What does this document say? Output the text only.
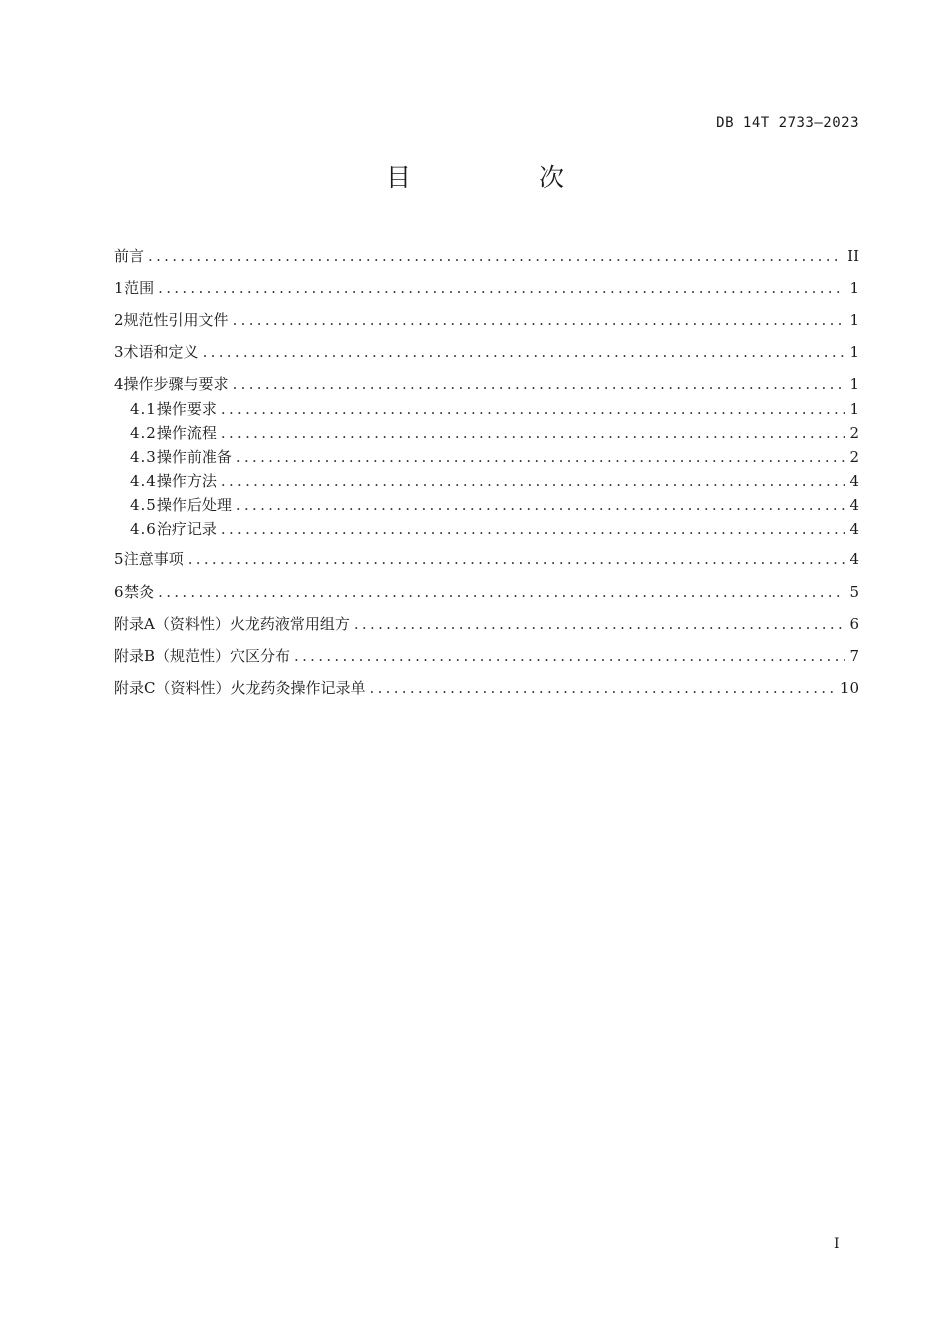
DB 14T 2733—2023
目 次
前言 .....	II
1 范围 .....	1
2 规范性引用文件 .....	1
3 术语和定义 .....	1
4 操作步骤与要求 .....	1
4.1 操作要求 .....	1
4.2 操作流程 .....	2
4.3 操作前准备 .....	2
4.4 操作方法 .....	4
4.5 操作后处理 .....	4
4.6 治疗记录 .....	4
5 注意事项 .....	4
6 禁灸 .....	5
附录A（资料性） 火龙药液常用组方 .....	6
附录B（规范性） 穴区分布 .....	7
附录C（资料性） 火龙药灸操作记录单 .....	10
I
